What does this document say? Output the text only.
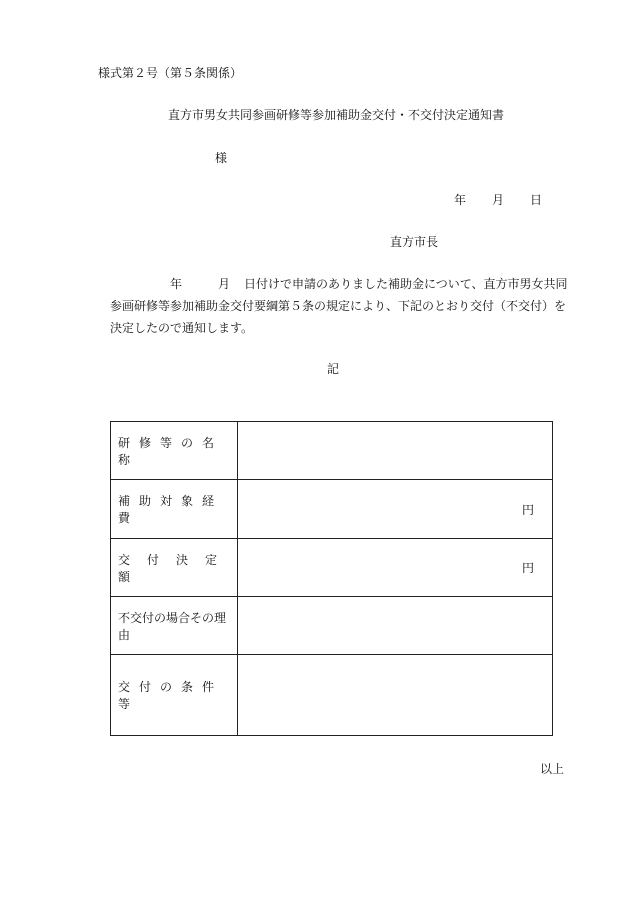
様式第２号（第５条関係）
直方市男女共同参画研修等参加補助金交付・不交付決定通知書
様
年 月 日
直方市長
年	月 日付けで申請のありました補助金について、直方市男女共同
参画研修等参加補助金交付要綱第５条の規定により、下記のとおり交付（不交付）を
決定したので通知します。
記
研修等の名称
補助対象経費
円
交付決定額
円
不交付の場合その理由
交付の条件等
以上
